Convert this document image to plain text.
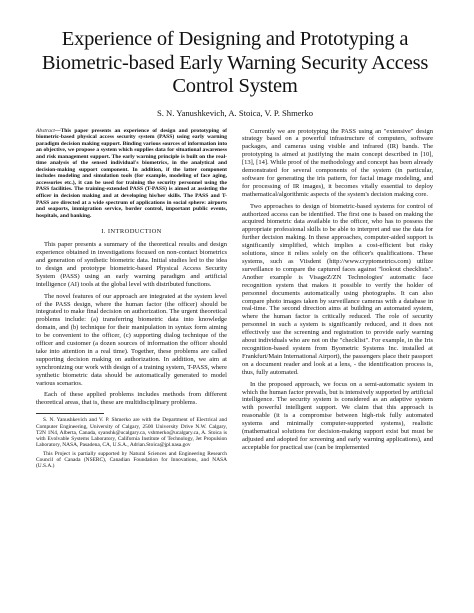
Experience of Designing and Prototyping a Biometric-based Early Warning Security Access Control System
S. N. Yanushkevich, A. Stoica, V. P. Shmerko

Abstract—This paper presents an experience of design and prototyping of biometric-based physical access security system (PASS) using early warning paradigm decision making support. Binding various sources of information into an objective, we propose a system which supplies data for situational awareness and risk management support. The early warning principle is built on the real-time analysis of the sensed individual's biometrics, in the analytical and decision-making support component. In addition, if the latter component includes modeling and simulation tools (for example, modeling of face aging, accessories etc.), it can be used for training the security personnel using the PASS facilities. The training-extended PASS (T-PASS) is aimed at assisting the officer in decision making and at developing his/her skills. The PASS and T-PASS are directed at a wide spectrum of applications in social sphere: airports and seaports, immigration service, border control, important public events, hospitals, and banking.

I. INTRODUCTION

This paper presents a summary of the theoretical results and design experience obtained in investigations focused on non-contact biometrics and generation of synthetic biometric data. Initial studies led to the idea to design and prototype biometric-based Physical Access Security System (PASS) using an early warning paradigm and artificial intelligence (AI) tools at the global level with distributed functions.

The novel features of our approach are integrated at the system level of the PASS design, where the human factor (the officer) should be integrated to make final decision on authorization. The urgent theoretical problems include: (a) transferring biometric data into knowledge domain, and (b) technique for their manipulation in syntax form aiming to be convenient to the officer, (c) supporting dialog technique of the officer and customer (a dozen sources of information the officer should take into attention in a real time). Together, these problems are called supporting decision making on authorization. In addition, we aim at synchronizing our work with design of a training system, T-PASS, where synthetic biometric data should be automatically generated to model various scenarios.

Each of these applied problems includes methods from different theoretical areas, that is, these are multidisciplinary problems.

S. N. Yanushkevich and V. P. Shmerko are with the Department of Electrical and Computer Engineering, University of Calgary, 2500 University Drive N.W. Calgary, T2N 1N4, Alberta, Canada, syanshk@ucalgary.ca, vshmerko@ucalgary.ca, A. Stoica is with Evolvable Systems Laboratory, California Institute of Technology, Jet Propulsion Laboratory, NASA, Pasadena, CA, U.S.A., Adrian.Stoica@jpl.nasa.gov

This Project is partially supported by Natural Sciences and Engineering Research Council of Canada (NSERC), Canadian Foundation for Innovations, and NASA (U.S.A.)

Currently we are prototyping the PASS using an "extensive" design strategy based on a powerful infrastructure of computers, software packages, and cameras using visible and infrared (IR) bands. The prototyping is aimed at justifying the main concept described in [10], [13], [14]. While proof of the methodology and concept has been already demonstrated for several components of the system (in particular, software for generating the iris pattern, for facial image modeling, and for processing of IR images), it becomes vitally essential to deploy mathematical/algorithmic aspects of the system's decision making core.

Two approaches to design of biometric-based systems for control of authorized access can be identified. The first one is based on making the acquired biometric data available to the officer, who has to possess the appropriate professional skills to be able to interpret and use the data for further decision making. In these approaches, computer-aided support is significantly simplified, which implies a cost-efficient but risky solutions, since it relies solely on the officer's qualifications. These systems, such as Viisdent (http://www.cryptometrics.com) utilize surveillance to compare the captured faces against "lookout checklists". Another example is VisageZ/ZN Technologies' automatic face recognition system that makes it possible to verify the holder of personnel documents automatically using photographs. It can also compare photo images taken by surveillance cameras with a database in real-time. The second direction aims at building an automated system, where the human factor is critically reduced. The role of security personnel in such a system is significantly reduced, and it does not effectively use the screening and registration to provide early warning about individuals who are not on the "checklist". For example, in the Iris recognition-based system from Byometric Systems Inc. installed at Frankfurt/Main International Airport), the passengers place their passport on a document reader and look at a lens, - the identification process is, thus, fully automated.

In the proposed approach, we focus on a semi-automatic system in which the human factor prevails, but is intensively supported by artificial intelligence. The security system is considered as an adaptive system with powerful intelligent support. We claim that this approach is reasonable (it is a compromise between high-risk fully automated systems and minimally computer-supported systems), realistic (mathematical solutions for decision-making support exist but must be adjusted and adopted for screening and early warning applications), and acceptable for practical use (can be implemented
